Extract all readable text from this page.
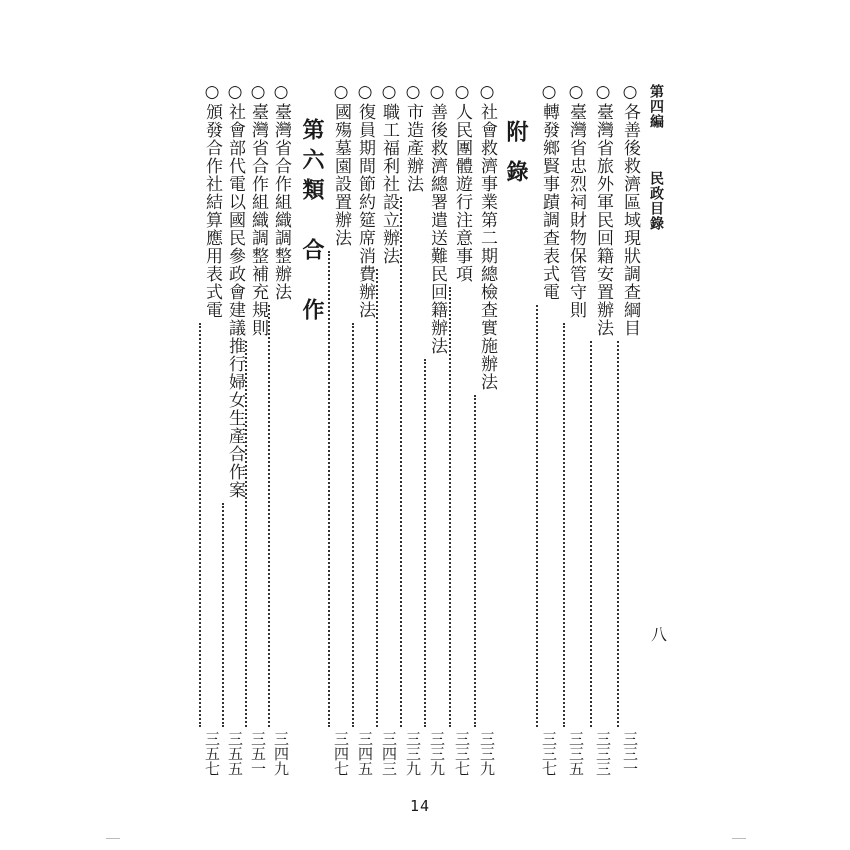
第四編  民政目錄
八
○各善後救濟區域現狀調查綱目
三三一
○臺灣省旅外軍民回籍安置辦法
三三三
○臺灣省忠烈祠財物保管守則
三三五
○轉發鄉賢事蹟調查表式電
三三七
附錄
○社會救濟事業第二期總檢查實施辦法
三三九
○人民團體遊行注意事項
三三七
○善後救濟總署遣送難民回籍辦法
三三九
○市造產辦法
三三九
○職工福利社設立辦法
三四三
○復員期間節約筵席消費辦法
三四五
○國殤墓園設置辦法
三四七
第六類　合　作
○臺灣省合作組織調整辦法
三四九
○臺灣省合作組織調整補充規則
三五一
○社會部代電以國民參政會建議推行婦女生產合作案
三五五
○頒發合作社結算應用表式電
三五七
14
